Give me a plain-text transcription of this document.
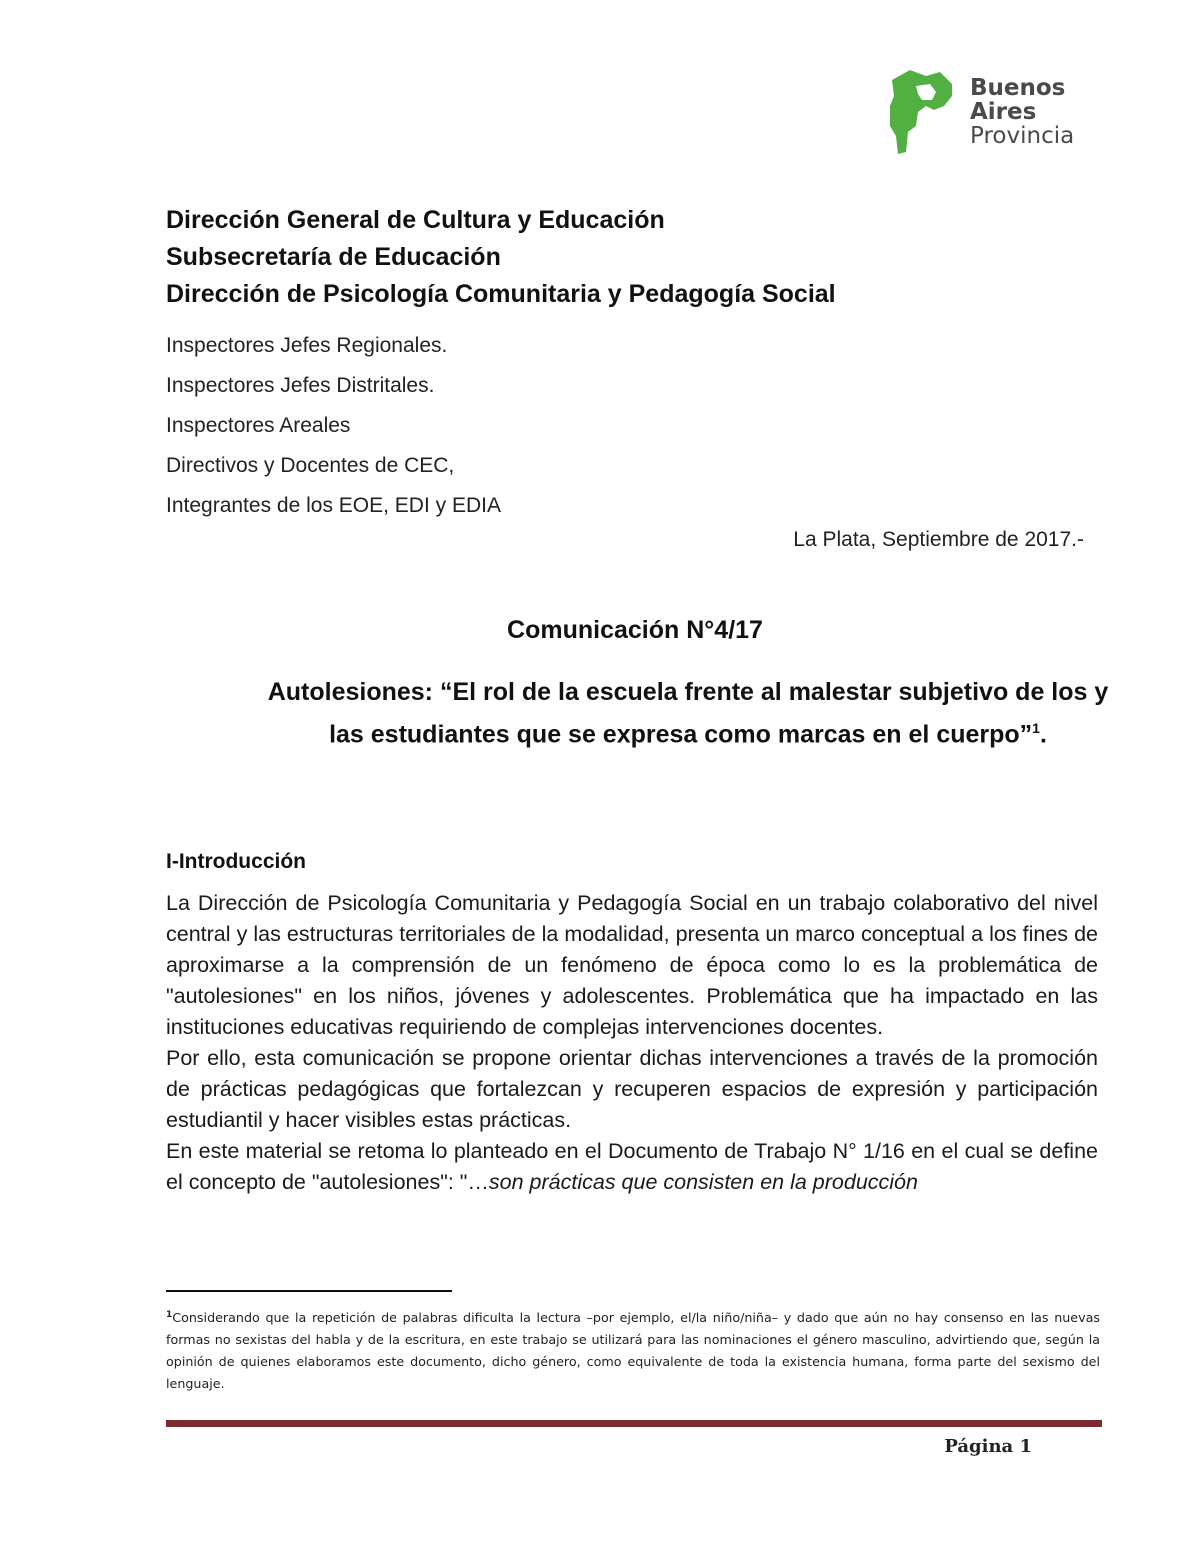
Buenos
Aires
Provincia
Dirección General de Cultura y Educación
Subsecretaría de Educación
Dirección de Psicología Comunitaria y Pedagogía Social
Inspectores Jefes Regionales.
Inspectores Jefes Distritales.
Inspectores Areales
Directivos y Docentes de CEC,
Integrantes de los EOE, EDI y EDIA
La Plata, Septiembre de 2017.-
Comunicación N°4/17
Autolesiones: “El rol de la escuela frente al malestar subjetivo de los y las estudiantes que se expresa como marcas en el cuerpo”$^1$.
I-Introducción

La Dirección de Psicología Comunitaria y Pedagogía Social en un trabajo colaborativo del nivel central y las estructuras territoriales de la modalidad, presenta un marco conceptual a los fines de aproximarse a la comprensión de un fenómeno de época como lo es la problemática de "autolesiones" en los niños, jóvenes y adolescentes. Problemática que ha impactado en las instituciones educativas requiriendo de complejas intervenciones docentes.

Por ello, esta comunicación se propone orientar dichas intervenciones a través de la promoción de prácticas pedagógicas que fortalezcan y recuperen espacios de expresión y participación estudiantil y hacer visibles estas prácticas.

En este material se retoma lo planteado en el Documento de Trabajo N° 1/16 en el cual se define el concepto de "autolesiones": "…son prácticas que consisten en la producción

$^1$Considerando que la repetición de palabras dificulta la lectura –por ejemplo, el/la niño/niña– y dado que aún no hay consenso en las nuevas formas no sexistas del habla y de la escritura, en este trabajo se utilizará para las nominaciones el género masculino, advirtiendo que, según la opinión de quienes elaboramos este documento, dicho género, como equivalente de toda la existencia humana, forma parte del sexismo del lenguaje.
Página 1
